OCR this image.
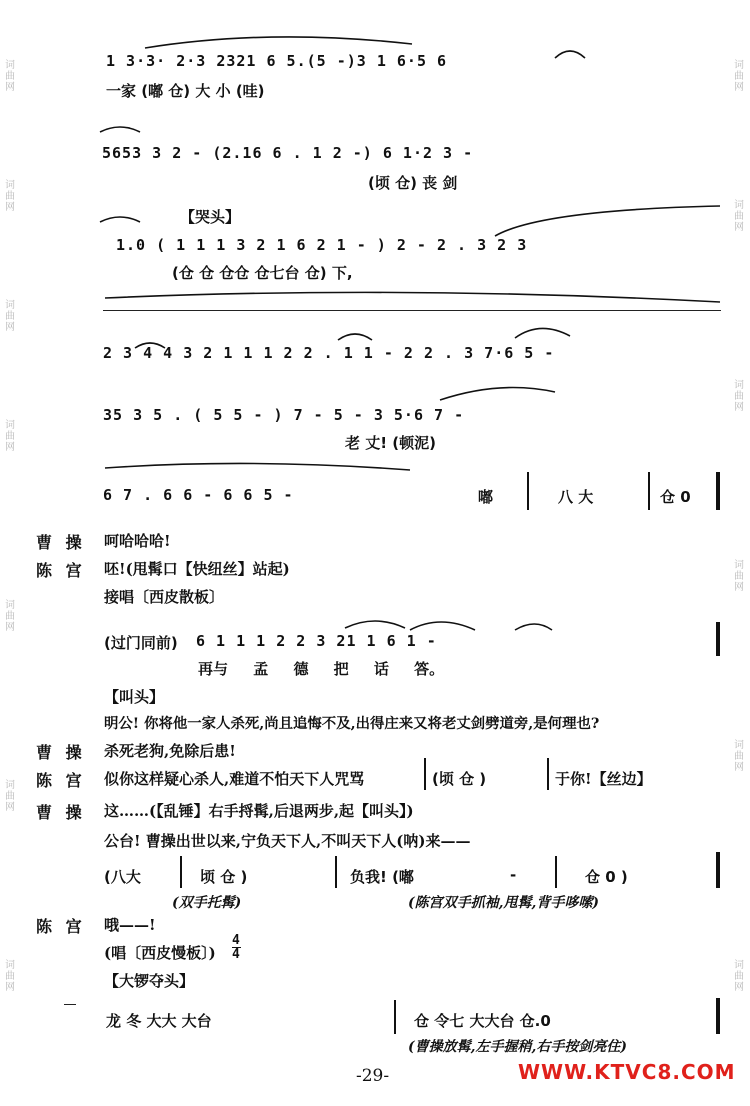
词
曲
网
词
曲
网
词
曲
网
词
曲
网
词
曲
网
词
曲
网
词
曲
网
词
曲
网
词
曲
网
词
曲
网
词
曲
网
词
曲
网
词
曲
网
1 3·3· 2·3 2321 6 5.(5 -)3 1 6·5 6
一家 (嘟 仓) 大 小 (哇)
5653 3 2 - (2.16 6 . 1 2 -) 6 1·2 3 -
(顷 仓) 丧 剑
【哭头】
1.0 ( 1 1 1 3 2 1 6 2 1 - ) 2 - 2 . 3 2 3
(仓 仓 仓仓 仓七台 仓) 下,
2 3 4 4 3 2 1 1 1 2 2 . 1 1 - 2 2 . 3 7·6 5 -
35 3 5 . ( 5 5 - ) 7 - 5 - 3 5·6 7 -
老 丈! (顿泥)
6 7 . 6 6 - 6 6 5 -	嘟	八 大	仓 0
曹 操 呵哈哈哈!
陈 宫 呸!(甩髯口【快纽丝】站起)
接唱〔西皮散板〕
(过门同前) 6 1 1 1 2 2 3 21 1 6 1 -
再与 孟 德 把 话 答。
【叫头】
明公! 你将他一家人杀死,尚且追悔不及,出得庄来又将老丈剑劈道旁,是何理也?
曹 操 杀死老狗,免除后患!
陈 宫 似你这样疑心杀人,难道不怕天下人咒骂	(顷 仓 )	于你!【丝边】
曹 操 这……(【乱锤】右手捋髯,后退两步,起【叫头】)
公台! 曹操出世以来,宁负天下人,不叫天下人(呐)来——
(八大	顷 仓 )	负我! (嘟	-	仓 0 )
(双手托髯)	(陈宫双手抓袖,甩髯,背手哆嗦)
陈 宫 哦——!
(唱〔西皮慢板〕)
4
4
【大锣夺头】
龙 冬 大大 大台	仓 令七 大大台 仓.0
(曹操放髯,左手握稍,右手按剑亮住)
-29-	WWW.KTVC8.COM
